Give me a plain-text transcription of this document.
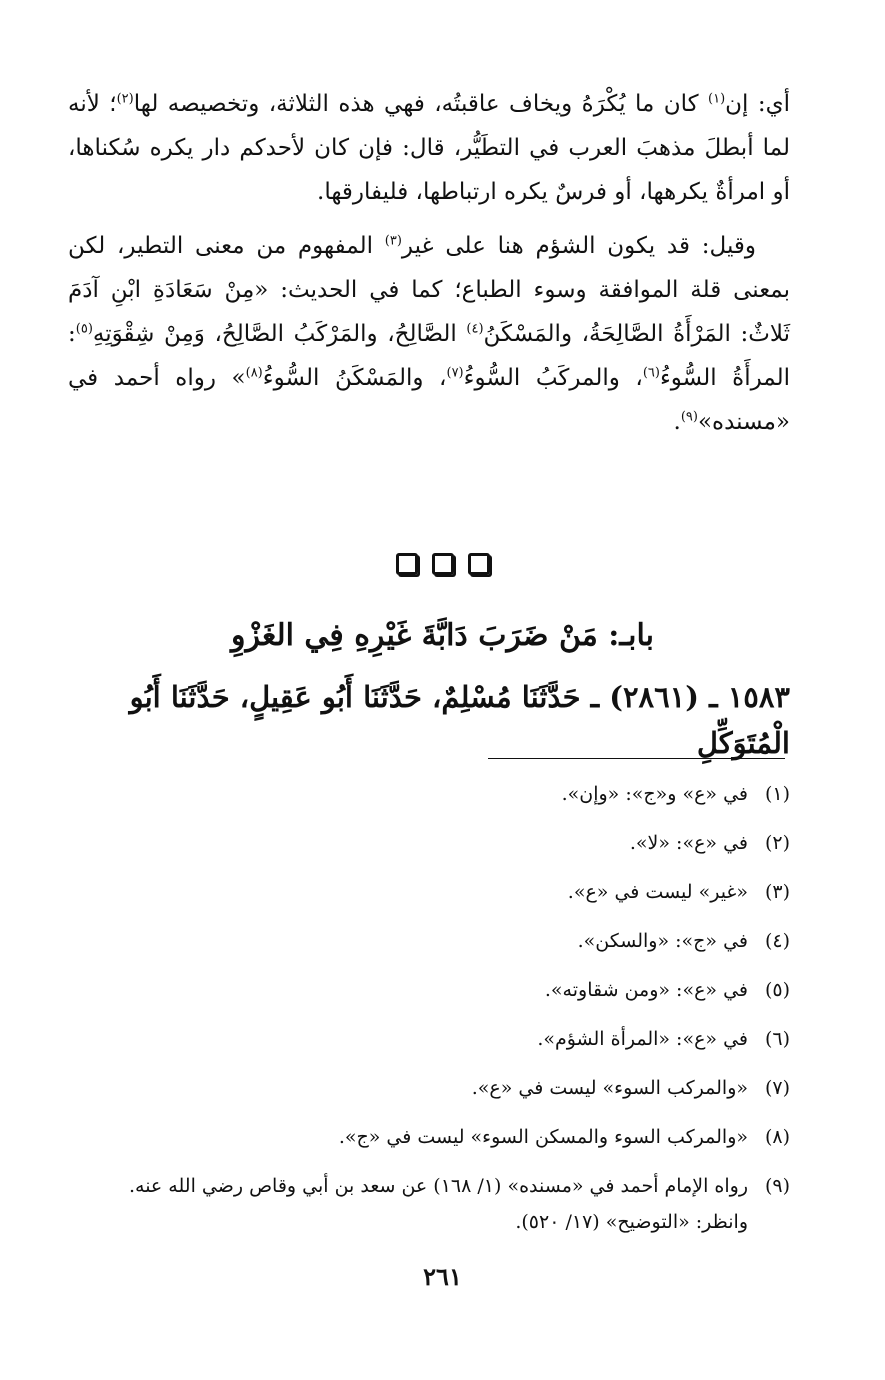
أي: إن$^{(١)}$ كان ما يُكْرَهُ ويخاف عاقبتُه، فهي هذه الثلاثة، وتخصيصه لها$^{(٢)}$؛ لأنه لما أبطلَ مذهبَ العرب في التطَيُّر، قال: فإن كان لأحدكم دار يكره سُكناها، أو امرأةٌ يكرهها، أو فرسٌ يكره ارتباطها، فليفارقها.

وقيل: قد يكون الشؤم هنا على غير$^{(٣)}$ المفهوم من معنى التطير، لكن بمعنى قلة الموافقة وسوء الطباع؛ كما في الحديث: «مِنْ سَعَادَةِ ابْنِ آدَمَ ثَلاثٌ: المَرْأَةُ الصَّالِحَةُ، والمَسْكَنُ$^{(٤)}$ الصَّالِحُ، والمَرْكَبُ الصَّالِحُ، وَمِنْ شِقْوَتِهِ$^{(٥)}$: المرأَةُ السُّوءُ$^{(٦)}$، والمركَبُ السُّوءُ$^{(٧)}$، والمَسْكَنُ السُّوءُ$^{(٨)}$» رواه أحمد في «مسنده»$^{(٩)}$.

بابـ: مَنْ ضَرَبَ دَابَّةَ غَيْرِهِ فِي الغَزْوِ
١٥٨٣ ـ (٢٨٦١) ـ حَدَّثَنَا مُسْلِمٌ، حَدَّثَنَا أَبُو عَقِيلٍ، حَدَّثَنَا أَبُو الْمُتَوَكِّلِ
(١)
في «ع» و«ج»: «وإن».
(٢)
في «ع»: «لا».
(٣)
«غير» ليست في «ع».
(٤)
في «ج»: «والسكن».
(٥)
في «ع»: «ومن شقاوته».
(٦)
في «ع»: «المرأة الشؤم».
(٧)
«والمركب السوء» ليست في «ع».
(٨)
«والمركب السوء والمسكن السوء» ليست في «ج».
(٩)
رواه الإمام أحمد في «مسنده» (١/ ١٦٨) عن سعد بن أبي وقاص رضي الله عنه.
وانظر: «التوضيح» (١٧/ ٥٢٠).
٢٦١
